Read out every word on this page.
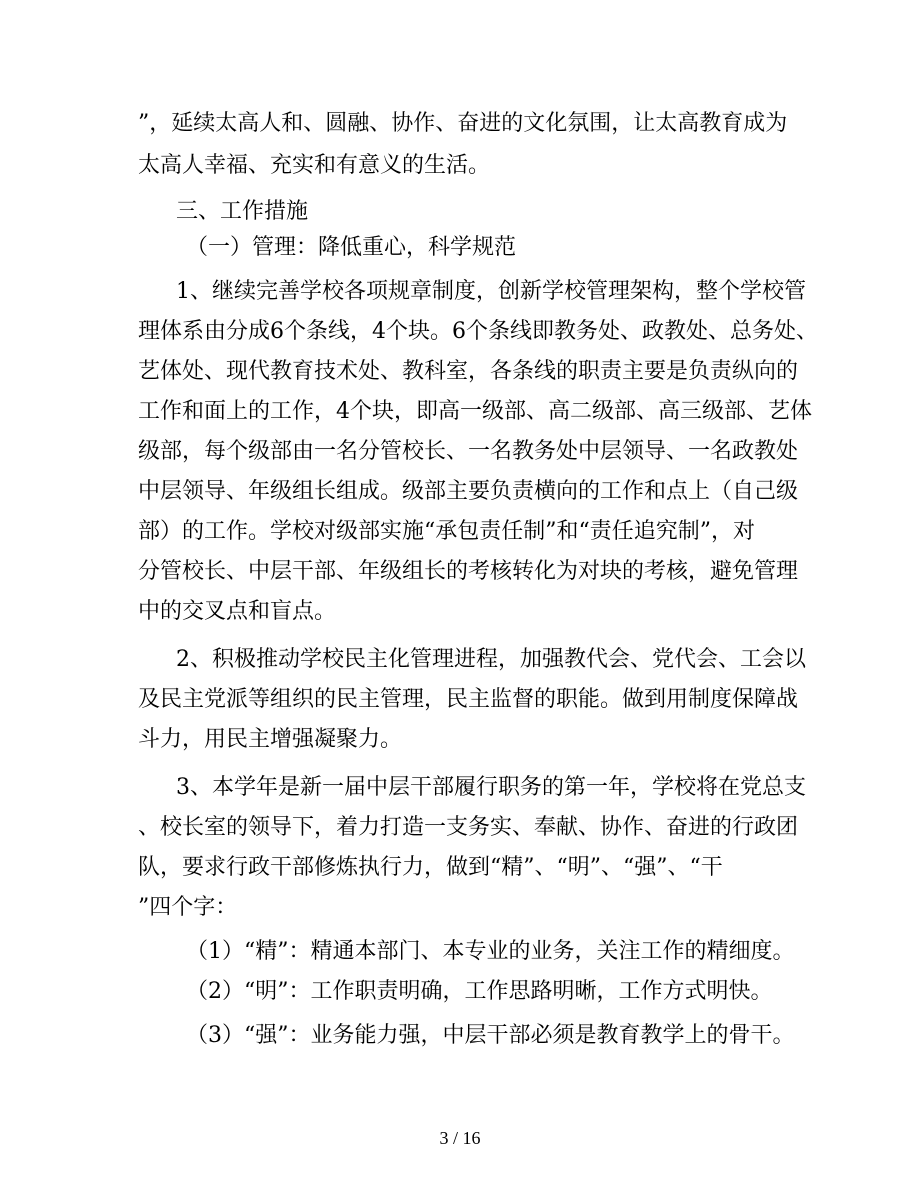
”，延续太高人和、圆融、协作、奋进的文化氛围，让太高教育成为
太高人幸福、充实和有意义的生活。
三、工作措施
（一）管理：降低重心，科学规范
1、继续完善学校各项规章制度，创新学校管理架构，整个学校管
理体系由分成6个条线，4个块。6个条线即教务处、政教处、总务处、
艺体处、现代教育技术处、教科室，各条线的职责主要是负责纵向的
工作和面上的工作，4个块，即高一级部、高二级部、高三级部、艺体
级部，每个级部由一名分管校长、一名教务处中层领导、一名政教处
中层领导、年级组长组成。级部主要负责横向的工作和点上（自己级
部）的工作。学校对级部实施“承包责任制”和“责任追究制”，对
分管校长、中层干部、年级组长的考核转化为对块的考核，避免管理
中的交叉点和盲点。
2、积极推动学校民主化管理进程，加强教代会、党代会、工会以
及民主党派等组织的民主管理，民主监督的职能。做到用制度保障战
斗力，用民主增强凝聚力。
3、本学年是新一届中层干部履行职务的第一年，学校将在党总支
、校长室的领导下，着力打造一支务实、奉献、协作、奋进的行政团
队，要求行政干部修炼执行力，做到“精”、“明”、“强”、“干
”四个字：
（1）“精”：精通本部门、本专业的业务，关注工作的精细度。
（2）“明”：工作职责明确，工作思路明晰，工作方式明快。
（3）“强”：业务能力强，中层干部必须是教育教学上的骨干。
3 / 16
